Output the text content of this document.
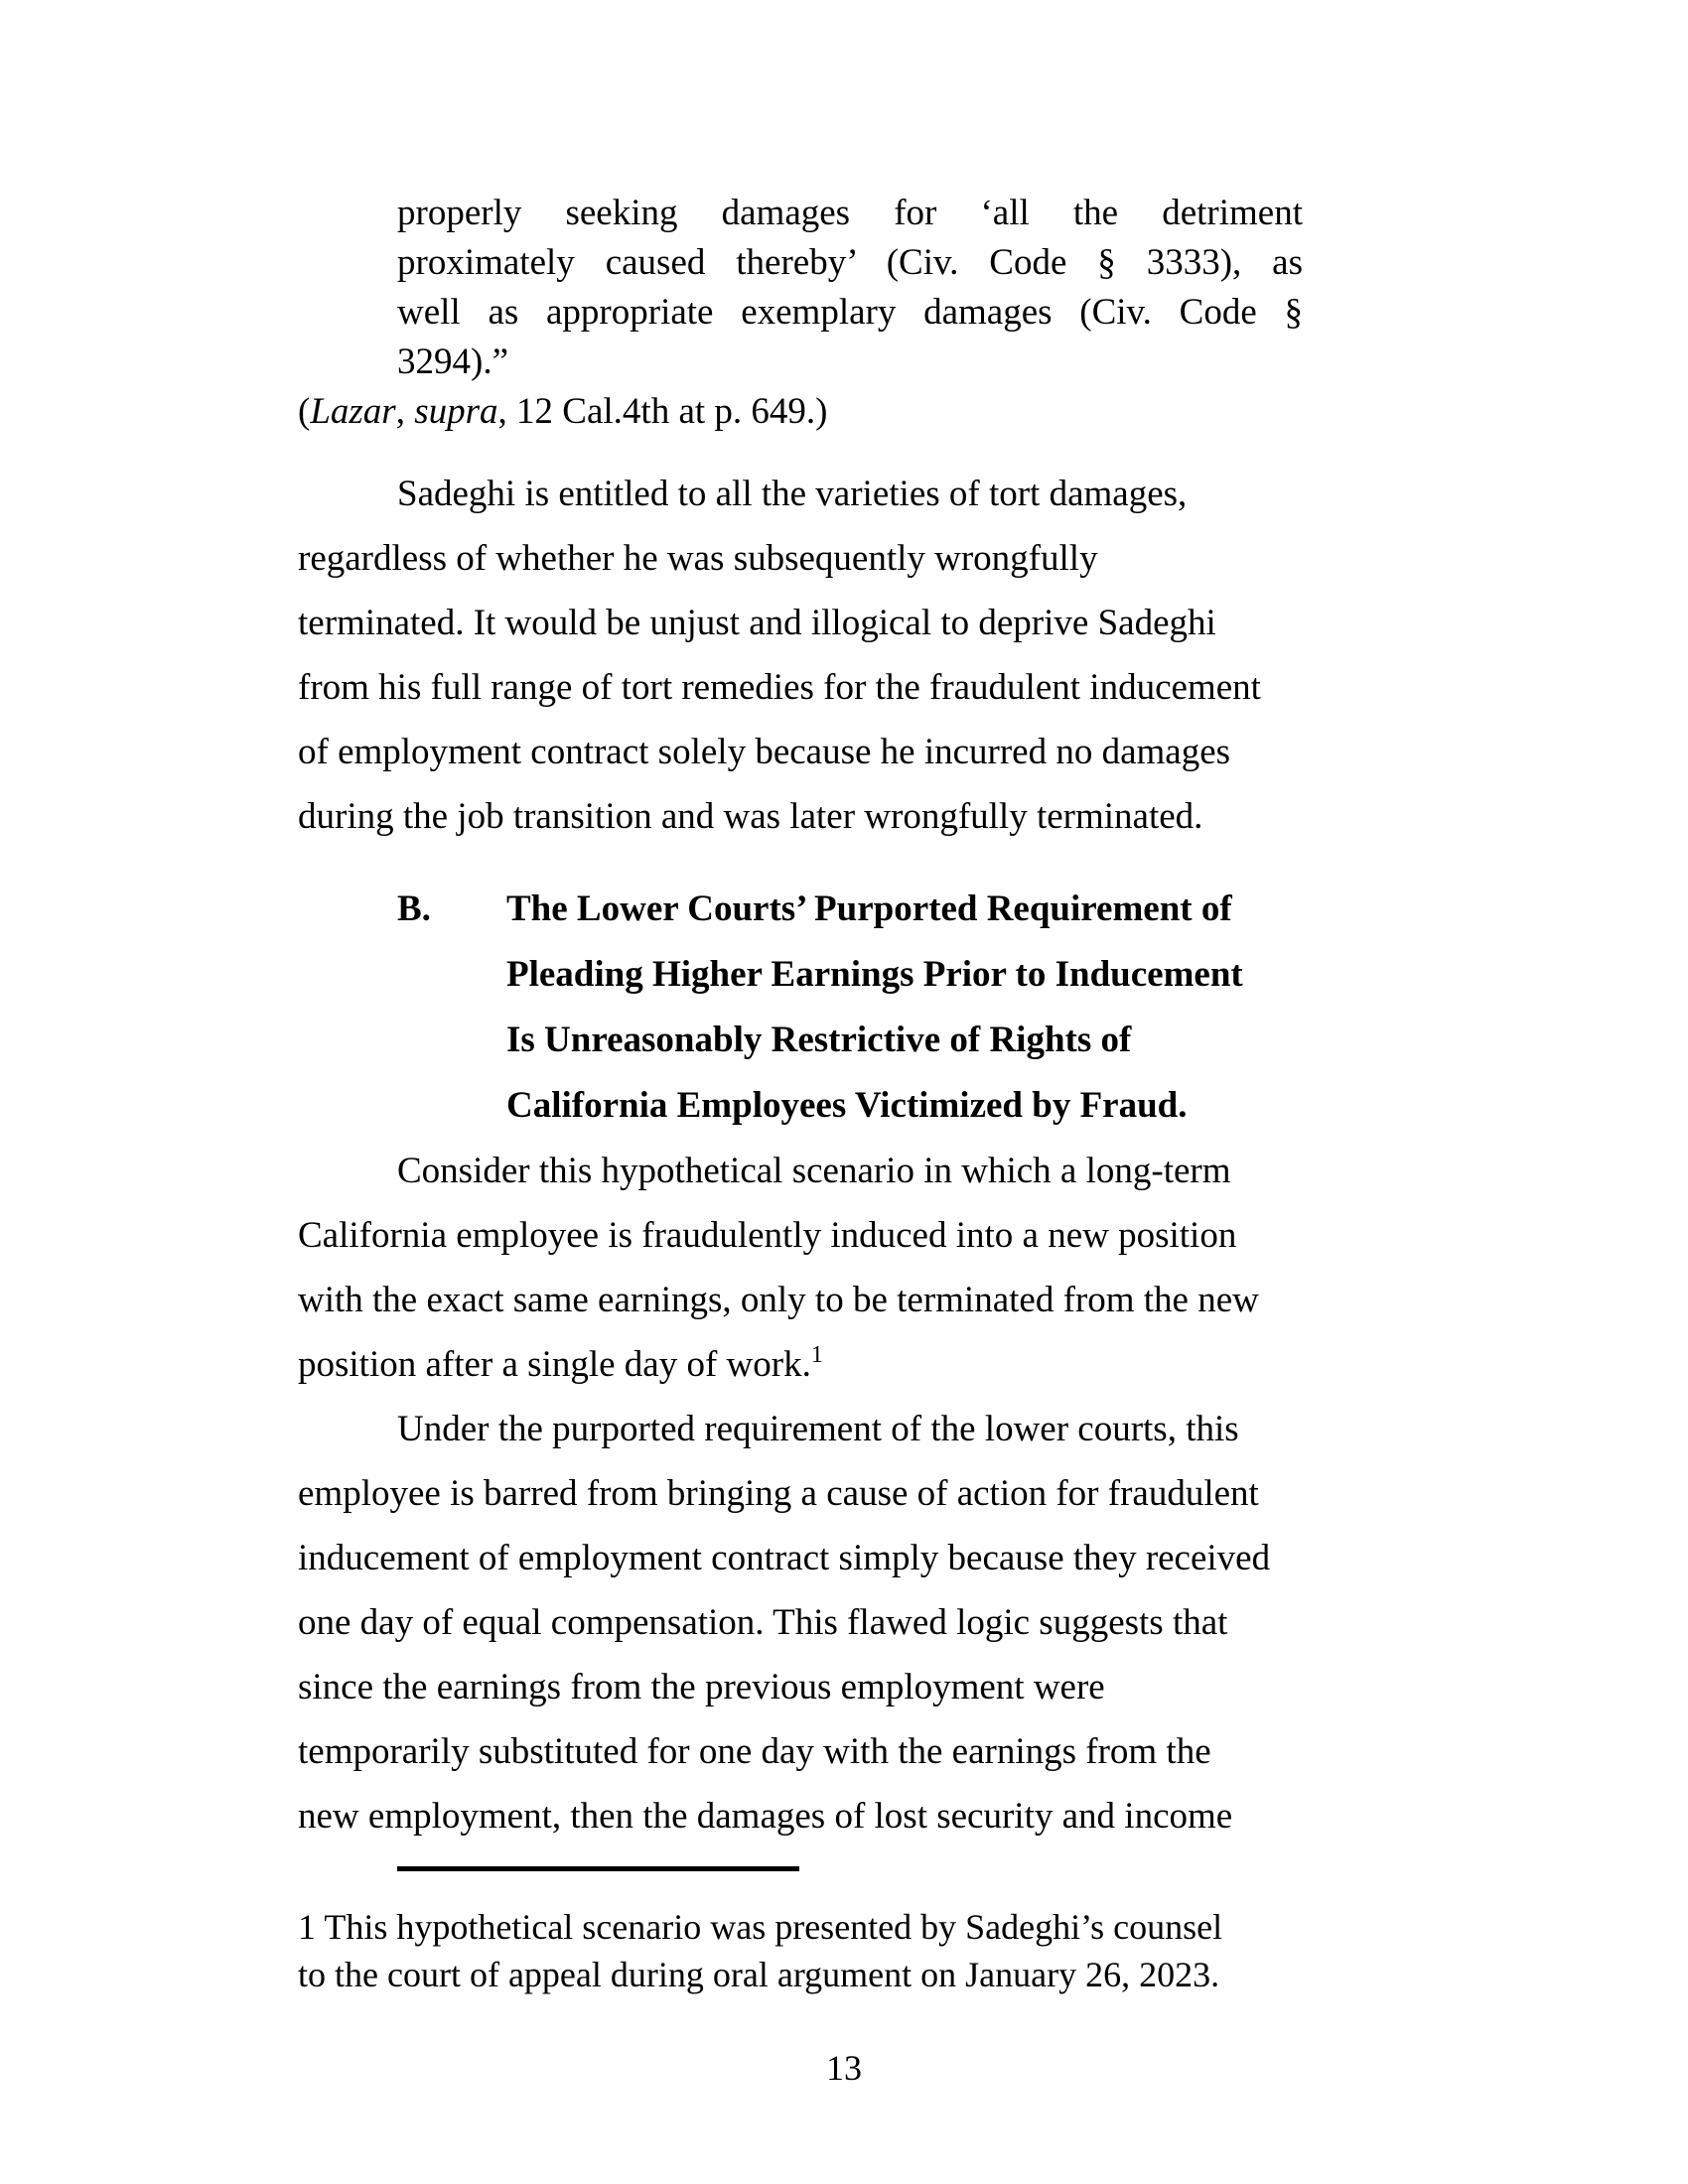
properly seeking damages for ‘all the detriment
proximately caused thereby’ (Civ. Code § 3333), as
well as appropriate exemplary damages (Civ. Code §
3294).”
(Lazar, supra, 12 Cal.4th at p. 649.)
Sadeghi is entitled to all the varieties of tort damages,
regardless of whether he was subsequently wrongfully
terminated. It would be unjust and illogical to deprive Sadeghi
from his full range of tort remedies for the fraudulent inducement
of employment contract solely because he incurred no damages
during the job transition and was later wrongfully terminated.
B.	The Lower Courts’ Purported Requirement of
Pleading Higher Earnings Prior to Inducement
Is Unreasonably Restrictive of Rights of
California Employees Victimized by Fraud.
Consider this hypothetical scenario in which a long-term
California employee is fraudulently induced into a new position
with the exact same earnings, only to be terminated from the new
position after a single day of work.$^1$
Under the purported requirement of the lower courts, this
employee is barred from bringing a cause of action for fraudulent
inducement of employment contract simply because they received
one day of equal compensation. This flawed logic suggests that
since the earnings from the previous employment were
temporarily substituted for one day with the earnings from the
new employment, then the damages of lost security and income
1 This hypothetical scenario was presented by Sadeghi’s counsel
to the court of appeal during oral argument on January 26, 2023.
13
